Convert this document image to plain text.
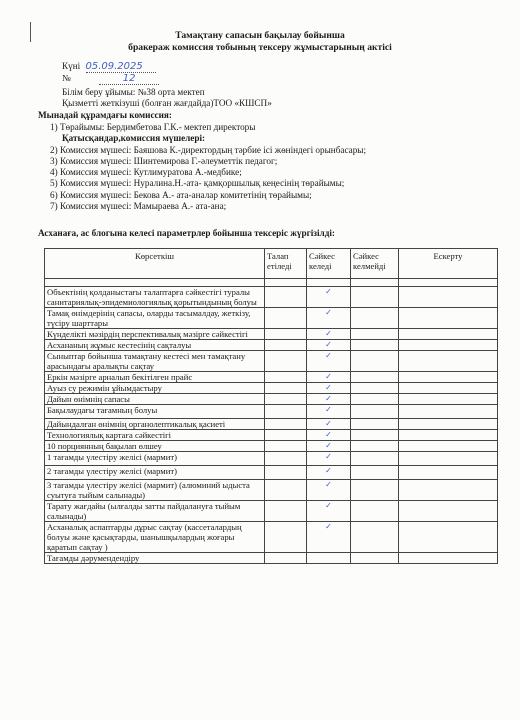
Тамақтану сапасын бақылау бойынша
бракераж комиссия тобының тексеру жұмыстарының актісі
Күні 05.09.2025
№	12
Білім беру ұйымы: №38 орта мектеп
Қызметті жеткізуші (болған жағдайда)ТОО «КШСП»
Мынадай құрамдағы комиссия:
1) Төрайымы: Бердимбетова Г.К.- мектеп директоры
Қатысқандар,комиссия мүшелері:
2) Комиссия мүшесі: Баяшова К.-директордың тәрбие ісі жөніндегі орынбасары;
3) Комиссия мүшесі: Шинтемирова Г.-әлеуметтік педагог;
4) Комиссия мүшесі: Кутлимуратова А.-медбике;
5) Комиссия мүшесі: Нуралина.Н.-ата- қамқоршылық кеңесінің төрайымы;
6) Комиссия мүшесі: Бекова А.- ата-аналар комитетінің төрайымы;
7) Комиссия мүшесі: Мамыраева А.- ата-ана;
Асханаға, ас блогына келесі параметрлер бойынша тексеріс жүргізілді:
Көрсеткіш	Талап етіледі	Сәйкес келеді	Сәйкес келмейді	Ескерту

Объектінің қолданыстағы талаптарға сәйкестігі туралы санитариялық-эпидемиологиялық қорытындының болуы		✓		

Тамақ өнімдерінің сапасы, оларды тасымалдау, жеткізу, түсіру шарттары		✓		

Күнделікті мәзірдің перспективалық мәзірге сәйкестігі		✓		

Асхананың жұмыс кестесінің сақталуы		✓		

Сыныптар бойынша тамақтану кестесі мен тамақтану арасындағы аралықты сақтау		✓		

Еркін мәзірге арналып бекітілген прайс		✓		

Ауыз су режимін ұйымдастыру		✓		

Дайын өнімнің сапасы		✓		

Бақылаудағы тағамның болуы		✓		

Дайындалған өнімнің органолептикалық қасиеті		✓		

Технологиялық картаға сәйкестігі		✓		

10 порциянның бақылап өлшеу		✓		

1 тағамды үлестіру желісі (мармит)		✓		

2 тағамды үлестіру желісі (мармит)		✓		

3 тағамды үлестіру желісі (мармит) (алюминий ыдыста суытуға тыйым салынады)		✓		

Тарату жағдайы (ылғалды затты пайдалануға тыйым салынады)		✓		

Асханалық аспаптарды дұрыс сақтау (кассеталардың болуы және қасықтарды, шанышқылардың жоғары қаратып сақтау )		✓		

Тағамды дәрумендендіру				
